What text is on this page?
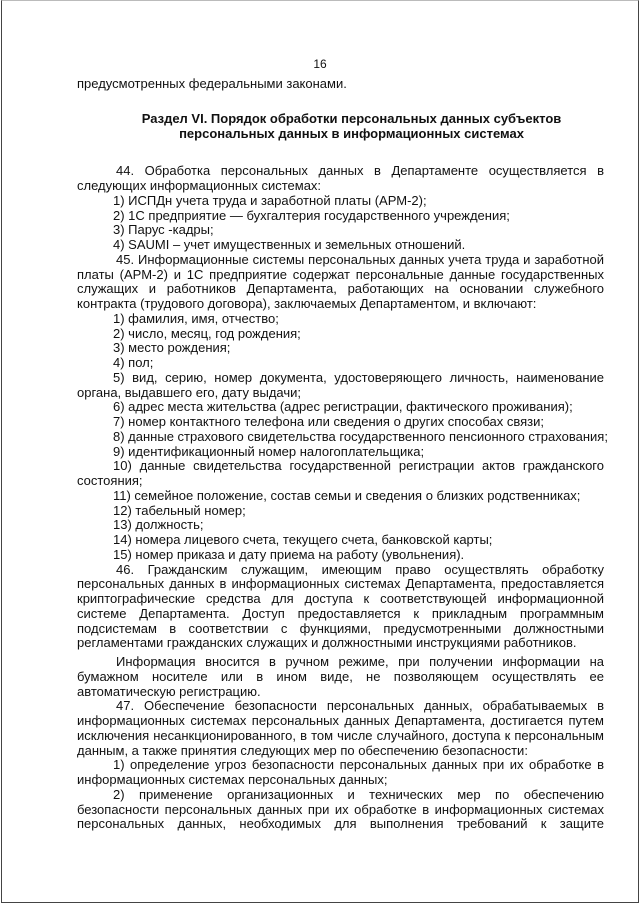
16
предусмотренных федеральными законами.
Раздел VI. Порядок обработки персональных данных субъектов
персональных данных в информационных системах
44. Обработка персональных данных в Департаменте осуществляется в
следующих информационных системах:
1) ИСПДн учета труда и заработной платы (АРМ-2);
2) 1С предприятие — бухгалтерия государственного учреждения;
3) Парус -кадры;
4) SAUMI – учет имущественных и земельных отношений.
45. Информационные системы персональных данных учета труда и заработной
платы (АРМ-2) и 1С предприятие содержат персональные данные государственных
служащих и работников Департамента, работающих на основании служебного
контракта (трудового договора), заключаемых Департаментом, и включают:
1) фамилия, имя, отчество;
2) число, месяц, год рождения;
3) место рождения;
4) пол;
5) вид, серию, номер документа, удостоверяющего личность, наименование
органа, выдавшего его, дату выдачи;
6) адрес места жительства (адрес регистрации, фактического проживания);
7) номер контактного телефона или сведения о других способах связи;
8) данные страхового свидетельства государственного пенсионного страхования;
9) идентификационный номер налогоплательщика;
10) данные свидетельства государственной регистрации актов гражданского
состояния;
11) семейное положение, состав семьи и сведения о близких родственниках;
12) табельный номер;
13) должность;
14) номера лицевого счета, текущего счета, банковской карты;
15) номер приказа и дату приема на работу (увольнения).
46. Гражданским служащим, имеющим право осуществлять обработку
персональных данных в информационных системах Департамента, предоставляется
криптографические средства для доступа к соответствующей информационной
системе Департамента. Доступ предоставляется к прикладным программным
подсистемам в соответствии с функциями, предусмотренными должностными
регламентами гражданских служащих и должностными инструкциями работников.
Информация вносится в ручном режиме, при получении информации на
бумажном носителе или в ином виде, не позволяющем осуществлять ее
автоматическую регистрацию.
47. Обеспечение безопасности персональных данных, обрабатываемых в
информационных системах персональных данных Департамента, достигается путем
исключения несанкционированного, в том числе случайного, доступа к персональным
данным, а также принятия следующих мер по обеспечению безопасности:
1) определение угроз безопасности персональных данных при их обработке в
информационных системах персональных данных;
2) применение организационных и технических мер по обеспечению
безопасности персональных данных при их обработке в информационных системах
персональных данных, необходимых для выполнения требований к защите
